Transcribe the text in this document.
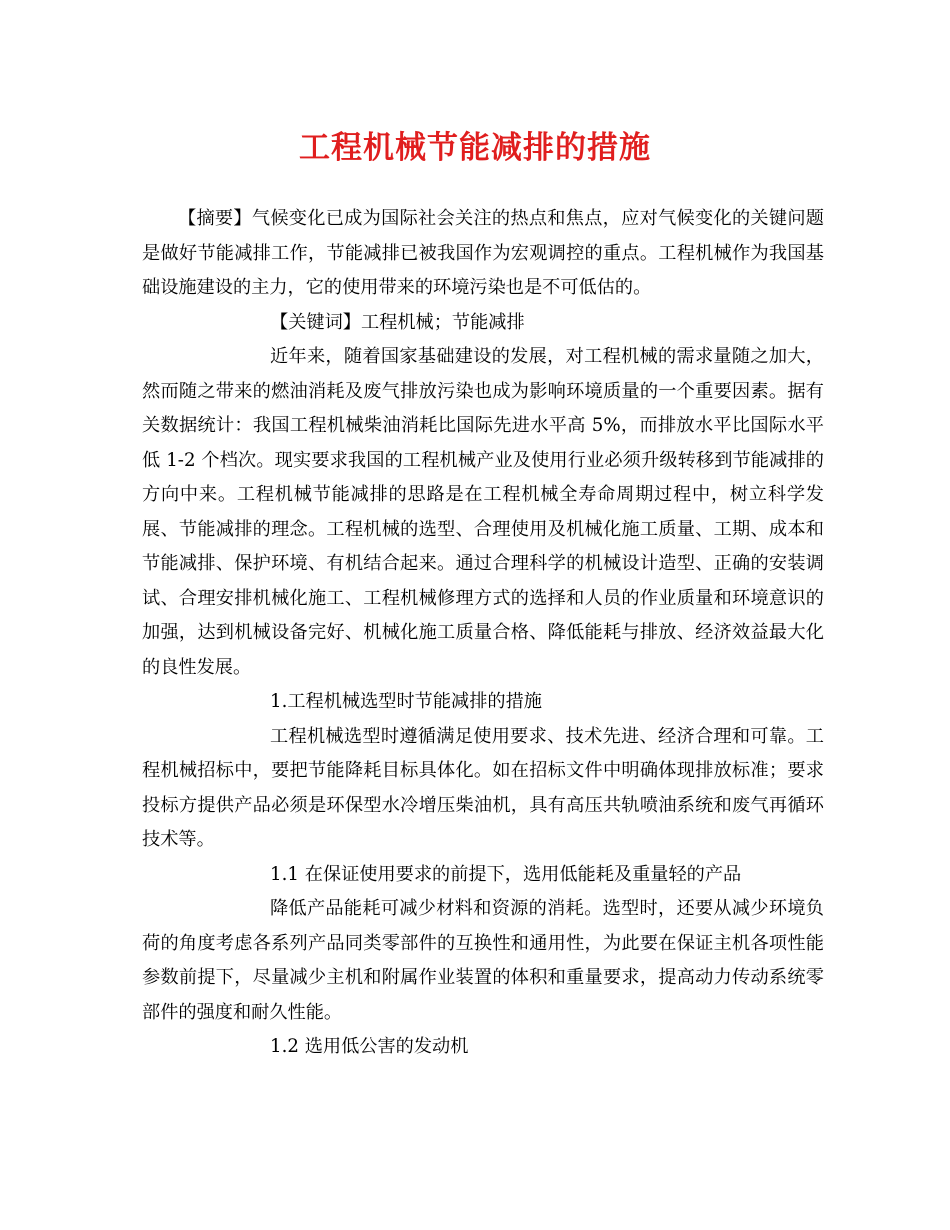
工程机械节能减排的措施

【摘要】气候变化已成为国际社会关注的热点和焦点，应对气候变化的关键问题是做好节能减排工作，节能减排已被我国作为宏观调控的重点。工程机械作为我国基础设施建设的主力，它的使用带来的环境污染也是不可低估的。

【关键词】工程机械；节能减排

近年来，随着国家基础建设的发展，对工程机械的需求量随之加大，然而随之带来的燃油消耗及废气排放污染也成为影响环境质量的一个重要因素。据有关数据统计：我国工程机械柴油消耗比国际先进水平高 5%，而排放水平比国际水平低 1-2 个档次。现实要求我国的工程机械产业及使用行业必须升级转移到节能减排的方向中来。工程机械节能减排的思路是在工程机械全寿命周期过程中，树立科学发展、节能减排的理念。工程机械的选型、合理使用及机械化施工质量、工期、成本和节能减排、保护环境、有机结合起来。通过合理科学的机械设计造型、正确的安装调试、合理安排机械化施工、工程机械修理方式的选择和人员的作业质量和环境意识的加强，达到机械设备完好、机械化施工质量合格、降低能耗与排放、经济效益最大化的良性发展。

1.工程机械选型时节能减排的措施

工程机械选型时遵循满足使用要求、技术先进、经济合理和可靠。工程机械招标中，要把节能降耗目标具体化。如在招标文件中明确体现排放标准；要求投标方提供产品必须是环保型水冷增压柴油机，具有高压共轨喷油系统和废气再循环技术等。

1.1 在保证使用要求的前提下，选用低能耗及重量轻的产品

降低产品能耗可减少材料和资源的消耗。选型时，还要从减少环境负荷的角度考虑各系列产品同类零部件的互换性和通用性，为此要在保证主机各项性能参数前提下，尽量减少主机和附属作业装置的体积和重量要求，提高动力传动系统零部件的强度和耐久性能。

1.2 选用低公害的发动机
